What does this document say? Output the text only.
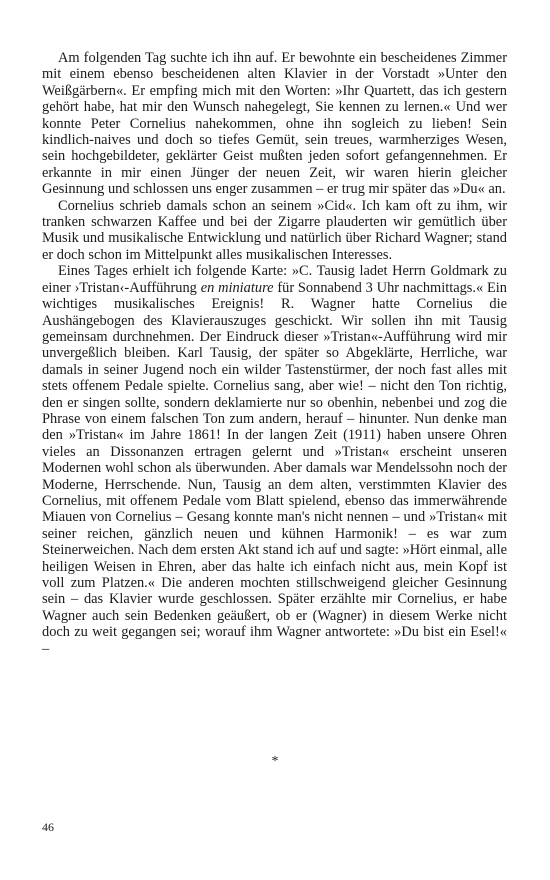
Am folgenden Tag suchte ich ihn auf. Er bewohnte ein bescheidenes Zimmer mit einem ebenso bescheidenen alten Klavier in der Vorstadt »Unter den Weißgärbern«. Er empfing mich mit den Worten: »Ihr Quartett, das ich gestern gehört habe, hat mir den Wunsch nahegelegt, Sie kennen zu lernen.« Und wer konnte Peter Cornelius nahekommen, ohne ihn sogleich zu lieben! Sein kindlich-naives und doch so tiefes Gemüt, sein treues, warmherziges Wesen, sein hochgebildeter, geklärter Geist mußten jeden sofort gefangennehmen. Er erkannte in mir einen Jünger der neuen Zeit, wir waren hierin gleicher Gesinnung und schlossen uns enger zusammen – er trug mir später das »Du« an.

Cornelius schrieb damals schon an seinem »Cid«. Ich kam oft zu ihm, wir tranken schwarzen Kaffee und bei der Zigarre plauderten wir gemütlich über Musik und musikalische Entwicklung und natürlich über Richard Wagner; stand er doch schon im Mittelpunkt alles musikalischen Interesses.

Eines Tages erhielt ich folgende Karte: »C. Tausig ladet Herrn Goldmark zu einer ›Tristan‹-Aufführung en miniature für Sonnabend 3 Uhr nachmittags.« Ein wichtiges musikalisches Ereignis! R. Wagner hatte Cornelius die Aushängebogen des Klavierauszuges geschickt. Wir sollen ihn mit Tausig gemeinsam durchnehmen. Der Eindruck dieser »Tristan«-Aufführung wird mir unvergeßlich bleiben. Karl Tausig, der später so Abgeklärte, Herrliche, war damals in seiner Jugend noch ein wilder Tastenstürmer, der noch fast alles mit stets offenem Pedale spielte. Cornelius sang, aber wie! – nicht den Ton richtig, den er singen sollte, sondern deklamierte nur so obenhin, nebenbei und zog die Phrase von einem falschen Ton zum andern, herauf – hinunter. Nun denke man den »Tristan« im Jahre 1861! In der langen Zeit (1911) haben unsere Ohren vieles an Dissonanzen ertragen gelernt und »Tristan« erscheint unseren Modernen wohl schon als überwunden. Aber damals war Mendelssohn noch der Moderne, Herrschende. Nun, Tausig an dem alten, verstimmten Klavier des Cornelius, mit offenem Pedale vom Blatt spielend, ebenso das immerwährende Miauen von Cornelius – Gesang konnte man's nicht nennen – und »Tristan« mit seiner reichen, gänzlich neuen und kühnen Harmonik! – es war zum Steinerweichen. Nach dem ersten Akt stand ich auf und sagte: »Hört einmal, alle heiligen Weisen in Ehren, aber das halte ich einfach nicht aus, mein Kopf ist voll zum Platzen.« Die anderen mochten stillschweigend gleicher Gesinnung sein – das Klavier wurde geschlossen. Später erzählte mir Cornelius, er habe Wagner auch sein Bedenken geäußert, ob er (Wagner) in diesem Werke nicht doch zu weit gegangen sei; worauf ihm Wagner antwortete: »Du bist ein Esel!« –

*
46
